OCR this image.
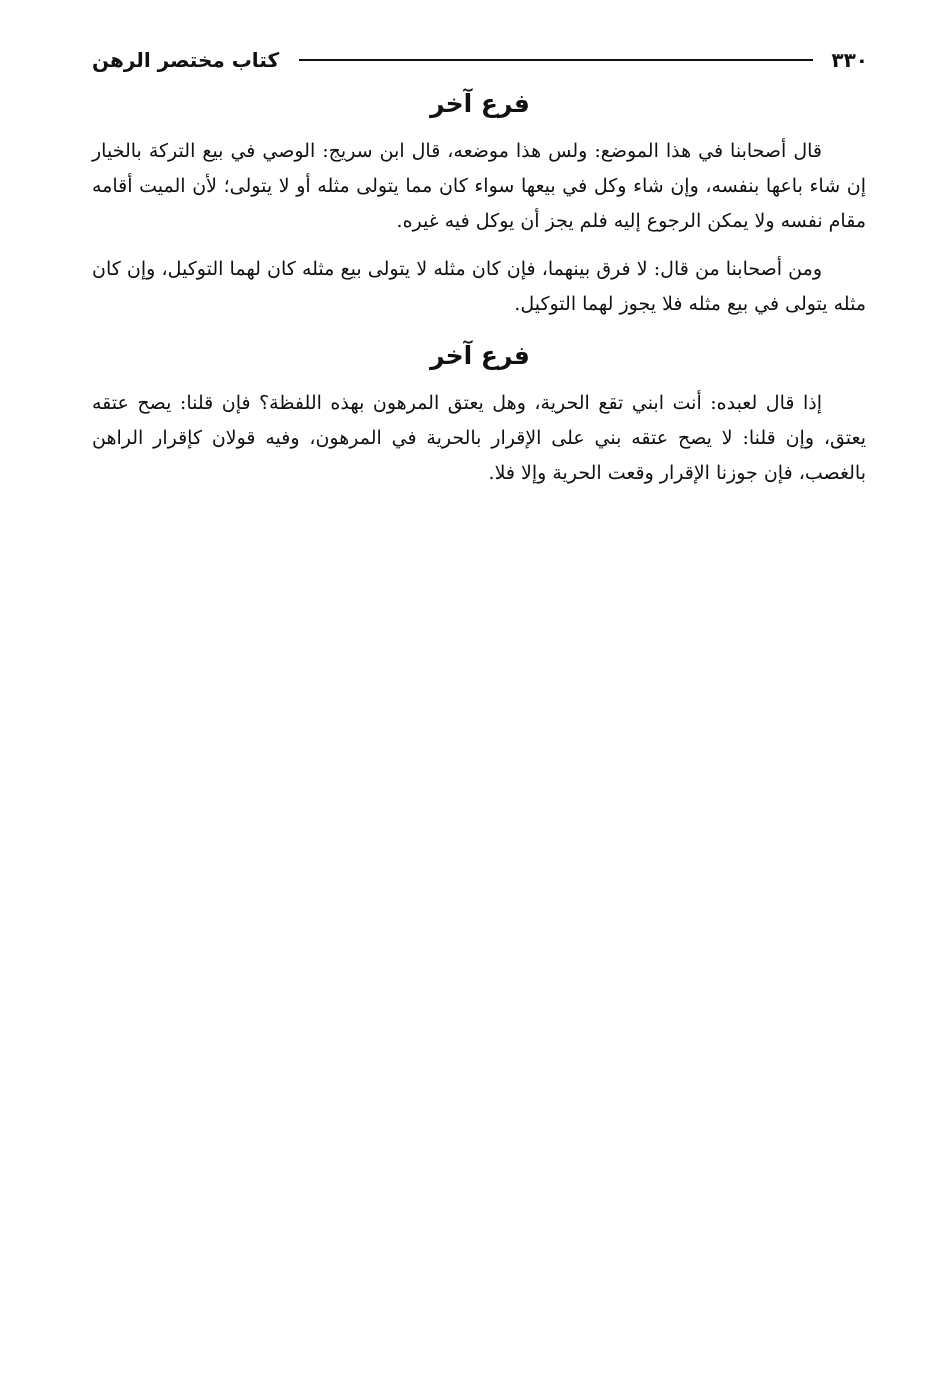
كتاب مختصر الرهن	٣٣٠
فرع آخر

قال أصحابنا في هذا الموضع: ولس هذا موضعه، قال ابن سريج: الوصي في بيع التركة بالخيار إن شاء باعها بنفسه، وإن شاء وكل في بيعها سواء كان مما يتولى مثله أو لا يتولى؛ لأن الميت أقامه مقام نفسه ولا يمكن الرجوع إليه فلم يجز أن يوكل فيه غيره.

ومن أصحابنا من قال: لا فرق بينهما، فإن كان مثله لا يتولى بيع مثله كان لهما التوكيل، وإن كان مثله يتولى في بيع مثله فلا يجوز لهما التوكيل.

فرع آخر

إذا قال لعبده: أنت ابني تقع الحرية، وهل يعتق المرهون بهذه اللفظة؟ فإن قلنا: يصح عتقه يعتق، وإن قلنا: لا يصح عتقه بني على الإقرار بالحرية في المرهون، وفيه قولان كإقرار الراهن بالغصب، فإن جوزنا الإقرار وقعت الحرية وإلا فلا.
